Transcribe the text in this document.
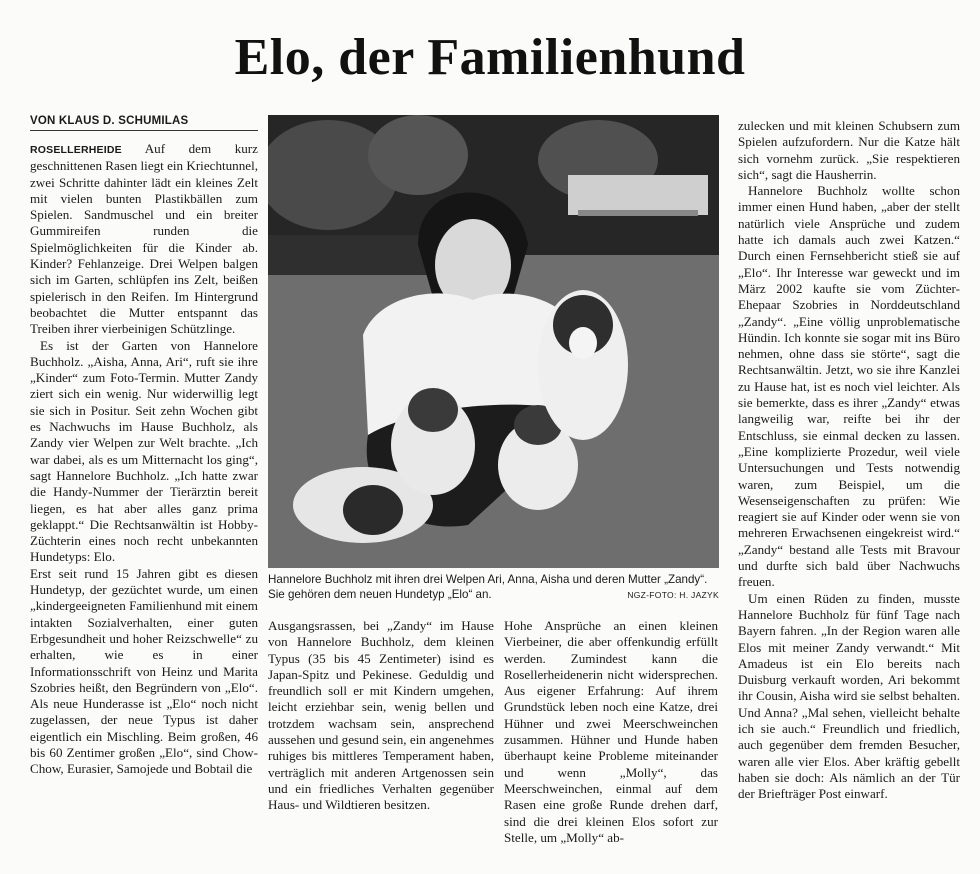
Elo, der Familienhund
VON KLAUS D. SCHUMILAS

ROSELLERHEIDE Auf dem kurz geschnittenen Rasen liegt ein Kriechtunnel, zwei Schritte dahinter lädt ein kleines Zelt mit vielen bunten Plastikbällen zum Spielen. Sandmuschel und ein breiter Gummireifen runden die Spielmöglichkeiten für die Kinder ab. Kinder? Fehlanzeige. Drei Welpen balgen sich im Garten, schlüpfen ins Zelt, beißen spielerisch in den Reifen. Im Hintergrund beobachtet die Mutter entspannt das Treiben ihrer vierbeinigen Schützlinge.

Es ist der Garten von Hannelore Buchholz. „Aisha, Anna, Ari“, ruft sie ihre „Kinder“ zum Foto-Termin. Mutter Zandy ziert sich ein wenig. Nur widerwillig legt sie sich in Positur. Seit zehn Wochen gibt es Nachwuchs im Hause Buchholz, als Zandy vier Welpen zur Welt brachte. „Ich war dabei, als es um Mitternacht los ging“, sagt Hannelore Buchholz. „Ich hatte zwar die Handy-Nummer der Tierärztin bereit liegen, es hat aber alles ganz prima geklappt.“ Die Rechtsanwältin ist Hobby-Züchterin eines noch recht unbekannten Hundetyps: Elo.

Erst seit rund 15 Jahren gibt es diesen Hundetyp, der gezüchtet wurde, um einen „kindergeeigneten Familienhund mit einem intakten Sozialverhalten, einer guten Erbgesundheit und hoher Reizschwelle“ zu erhalten, wie es in einer Informationsschrift von Heinz und Marita Szobries heißt, den Begründern von „Elo“. Als neue Hunderasse ist „Elo“ noch nicht zugelassen, der neue Typus ist daher eigentlich ein Mischling. Beim großen, 46 bis 60 Zentimer großen „Elo“, sind Chow-Chow, Eurasier, Samojede und Bobtail die

Hannelore Buchholz mit ihren drei Welpen Ari, Anna, Aisha und deren Mutter „Zandy“. Sie gehören dem neuen Hundetyp „Elo“ an.	NGZ-FOTO: H. JAZYK

Ausgangsrassen, bei „Zandy“ im Hause von Hannelore Buchholz, dem kleinen Typus (35 bis 45 Zentimeter) isind es Japan-Spitz und Pekinese. Geduldig und freundlich soll er mit Kindern umgehen, leicht erziehbar sein, wenig bellen und trotzdem wachsam sein, ansprechend aussehen und gesund sein, ein angenehmes ruhiges bis mittleres Temperament haben, verträglich mit anderen Artgenossen sein und ein friedliches Verhalten gegenüber Haus- und Wildtieren besitzen.

Hohe Ansprüche an einen kleinen Vierbeiner, die aber offenkundig erfüllt werden. Zumindest kann die Rosellerheidenerin nicht widersprechen. Aus eigener Erfahrung: Auf ihrem Grundstück leben noch eine Katze, drei Hühner und zwei Meerschweinchen zusammen. Hühner und Hunde haben überhaupt keine Probleme miteinander und wenn „Molly“, das Meerschweinchen, einmal auf dem Rasen eine große Runde drehen darf, sind die drei kleinen Elos sofort zur Stelle, um „Molly“ ab-

zulecken und mit kleinen Schubsern zum Spielen aufzufordern. Nur die Katze hält sich vornehm zurück. „Sie respektieren sich“, sagt die Hausherrin.

Hannelore Buchholz wollte schon immer einen Hund haben, „aber der stellt natürlich viele Ansprüche und zudem hatte ich damals auch zwei Katzen.“ Durch einen Fernsehbericht stieß sie auf „Elo“. Ihr Interesse war geweckt und im März 2002 kaufte sie vom Züchter-Ehepaar Szobries in Norddeutschland „Zandy“. „Eine völlig unproblematische Hündin. Ich konnte sie sogar mit ins Büro nehmen, ohne dass sie störte“, sagt die Rechtsanwältin. Jetzt, wo sie ihre Kanzlei zu Hause hat, ist es noch viel leichter. Als sie bemerkte, dass es ihrer „Zandy“ etwas langweilig war, reifte bei ihr der Entschluss, sie einmal decken zu lassen. „Eine komplizierte Prozedur, weil viele Untersuchungen und Tests notwendig waren, zum Beispiel, um die Wesenseigenschaften zu prüfen: Wie reagiert sie auf Kinder oder wenn sie von mehreren Erwachsenen eingekreist wird.“ „Zandy“ bestand alle Tests mit Bravour und durfte sich bald über Nachwuchs freuen.

Um einen Rüden zu finden, musste Hannelore Buchholz für fünf Tage nach Bayern fahren. „In der Region waren alle Elos mit meiner Zandy verwandt.“ Mit Amadeus ist ein Elo bereits nach Duisburg verkauft worden, Ari bekommt ihr Cousin, Aisha wird sie selbst behalten. Und Anna? „Mal sehen, vielleicht behalte ich sie auch.“ Freundlich und friedlich, auch gegenüber dem fremden Besucher, waren alle vier Elos. Aber kräftig gebellt haben sie doch: Als nämlich an der Tür der Briefträger Post einwarf.
